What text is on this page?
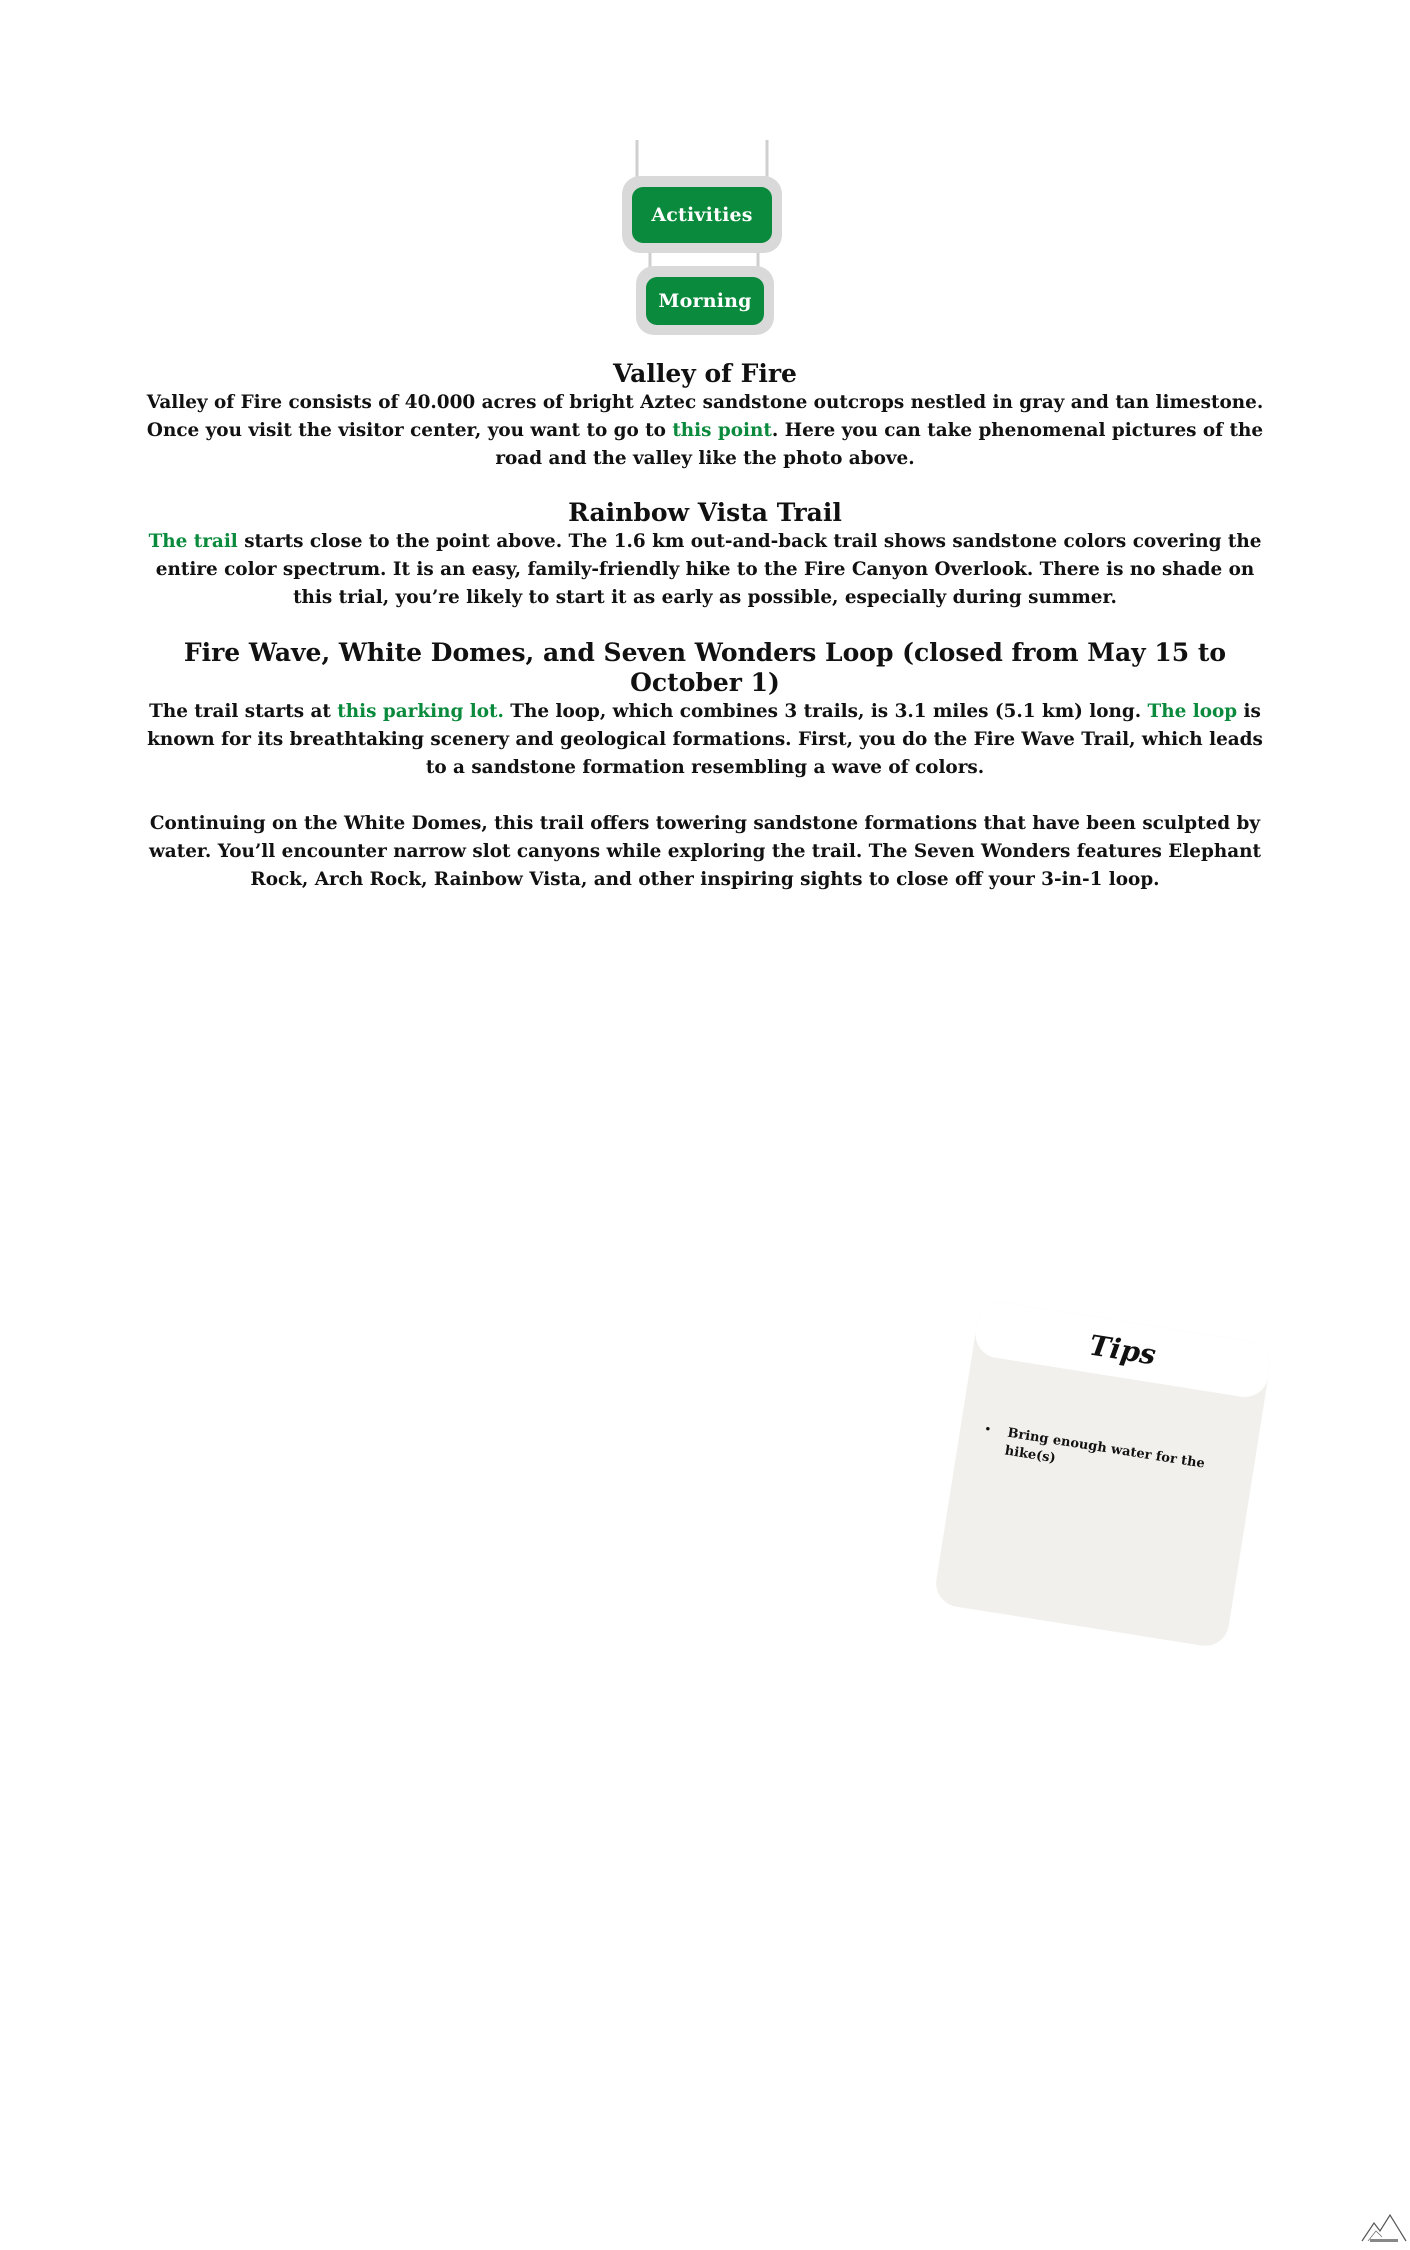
Activities
Morning
Valley of Fire

Valley of Fire consists of 40.000 acres of bright Aztec sandstone outcrops nestled in gray and tan limestone. Once you visit the visitor center, you want to go to this point. Here you can take phenomenal pictures of the road and the valley like the photo above.

Rainbow Vista Trail

The trail starts close to the point above. The 1.6 km out-and-back trail shows sandstone colors covering the entire color spectrum. It is an easy, family-friendly hike to the Fire Canyon Overlook. There is no shade on this trial, you’re likely to start it as early as possible, especially during summer.

Fire Wave, White Domes, and Seven Wonders Loop (closed from May 15 to October 1)

The trail starts at this parking lot. The loop, which combines 3 trails, is 3.1 miles (5.1 km) long. The loop is known for its breathtaking scenery and geological formations. First, you do the Fire Wave Trail, which leads to a sandstone formation resembling a wave of colors.

Continuing on the White Domes, this trail offers towering sandstone formations that have been sculpted by water. You’ll encounter narrow slot canyons while exploring the trail. The Seven Wonders features Elephant Rock, Arch Rock, Rainbow Vista, and other inspiring sights to close off your 3-in-1 loop.

Tips
•	Bring enough water for the hike(s)
